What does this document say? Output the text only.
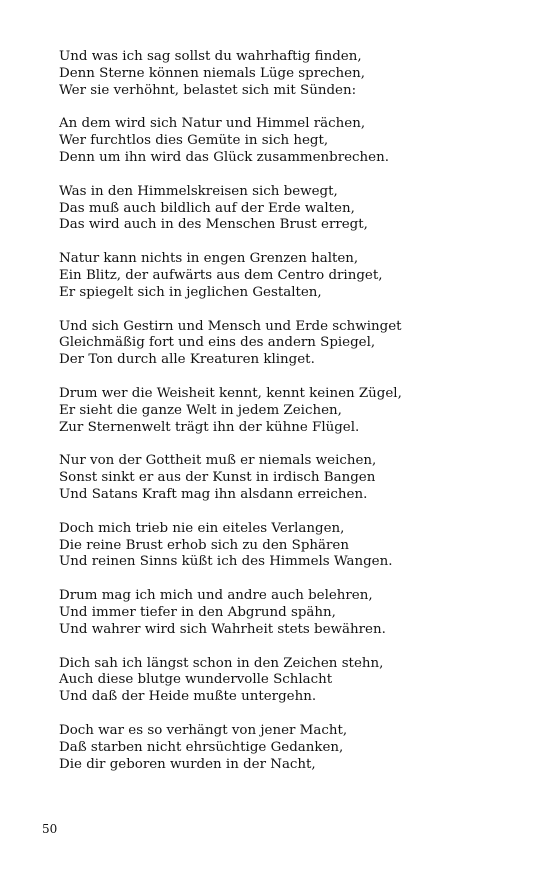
Und was ich sag sollst du wahrhaftig finden,
Denn Sterne können niemals Lüge sprechen,
Wer sie verhöhnt, belastet sich mit Sünden:
An dem wird sich Natur und Himmel rächen,
Wer furchtlos dies Gemüte in sich hegt,
Denn um ihn wird das Glück zusammenbrechen.
Was in den Himmelskreisen sich bewegt,
Das muß auch bildlich auf der Erde walten,
Das wird auch in des Menschen Brust erregt,
Natur kann nichts in engen Grenzen halten,
Ein Blitz, der aufwärts aus dem Centro dringet,
Er spiegelt sich in jeglichen Gestalten,
Und sich Gestirn und Mensch und Erde schwinget
Gleichmäßig fort und eins des andern Spiegel,
Der Ton durch alle Kreaturen klinget.
Drum wer die Weisheit kennt, kennt keinen Zügel,
Er sieht die ganze Welt in jedem Zeichen,
Zur Sternenwelt trägt ihn der kühne Flügel.
Nur von der Gottheit muß er niemals weichen,
Sonst sinkt er aus der Kunst in irdisch Bangen
Und Satans Kraft mag ihn alsdann erreichen.
Doch mich trieb nie ein eiteles Verlangen,
Die reine Brust erhob sich zu den Sphären
Und reinen Sinns küßt ich des Himmels Wangen.
Drum mag ich mich und andre auch belehren,
Und immer tiefer in den Abgrund spähn,
Und wahrer wird sich Wahrheit stets bewähren.
Dich sah ich längst schon in den Zeichen stehn,
Auch diese blutge wundervolle Schlacht
Und daß der Heide mußte untergehn.
Doch war es so verhängt von jener Macht,
Daß starben nicht ehrsüchtige Gedanken,
Die dir geboren wurden in der Nacht,
50
